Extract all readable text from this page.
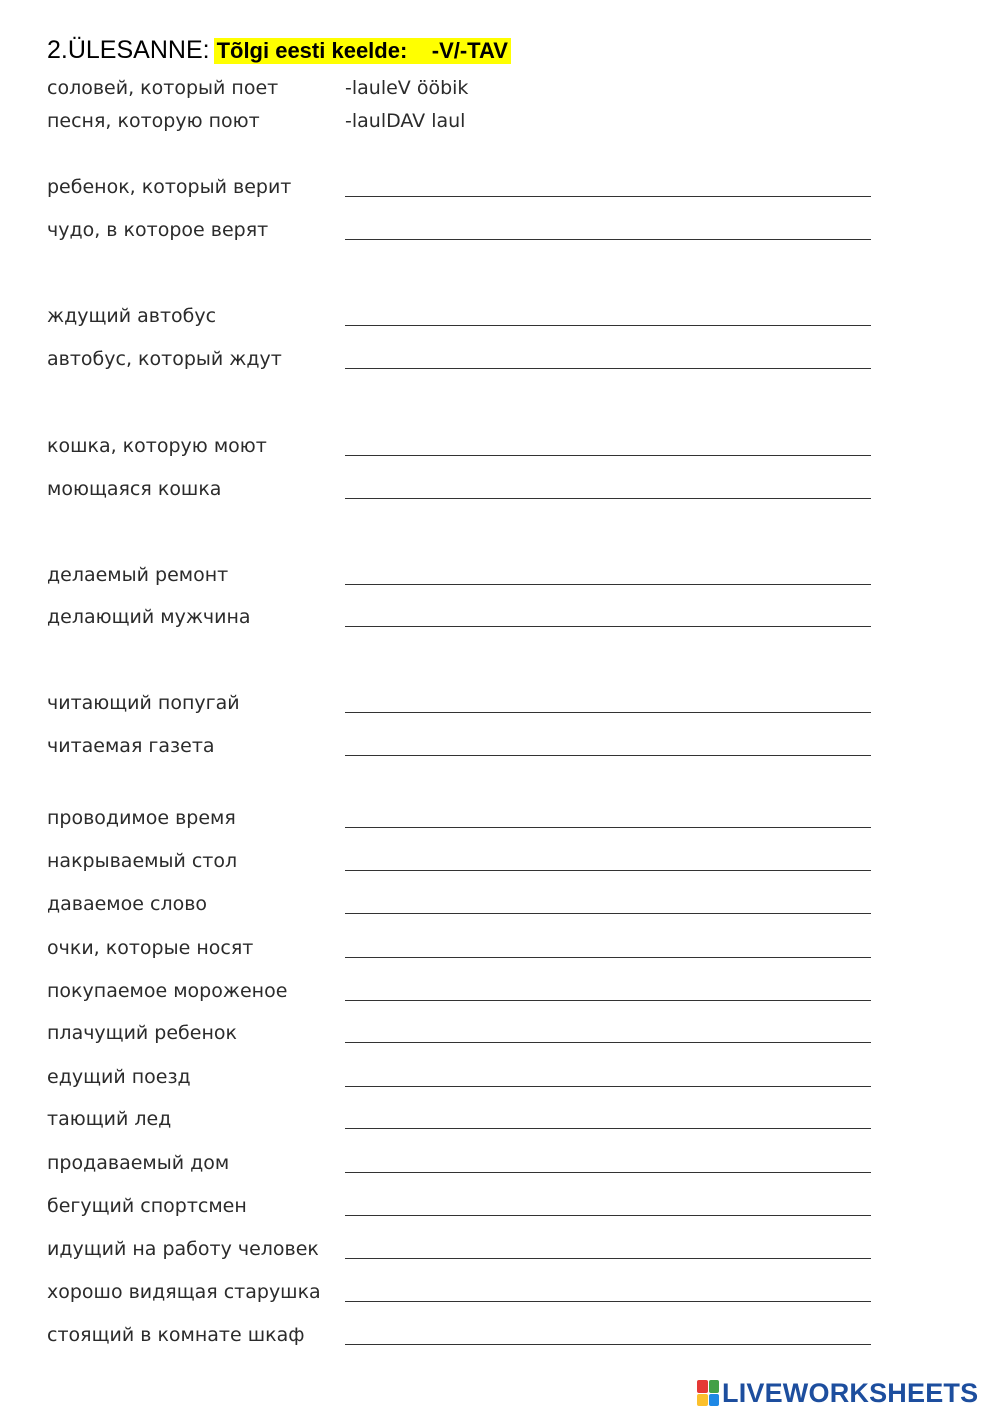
2.ÜLESANNE: Tõlgi eesti keelde:    -V/-TAV
соловей, который поет	-lauleV ööbik
песня, которую поют	-laulDAV laul
ребенок, который верит
чудо, в которое верят
ждущий автобус
автобус, который ждут
кошка, которую моют
моющаяся кошка
делаемый ремонт
делающий мужчина
читающий попугай
читаемая газета
проводимое время
накрываемый стол
даваемое слово
очки, которые носят
покупаемое мороженое
плачущий ребенок
едущий поезд
тающий лед
продаваемый дом
бегущий спортсмен
идущий на работу человек
хорошо видящая старушка
стоящий в комнате шкаф
LIVEWORKSHEETS
